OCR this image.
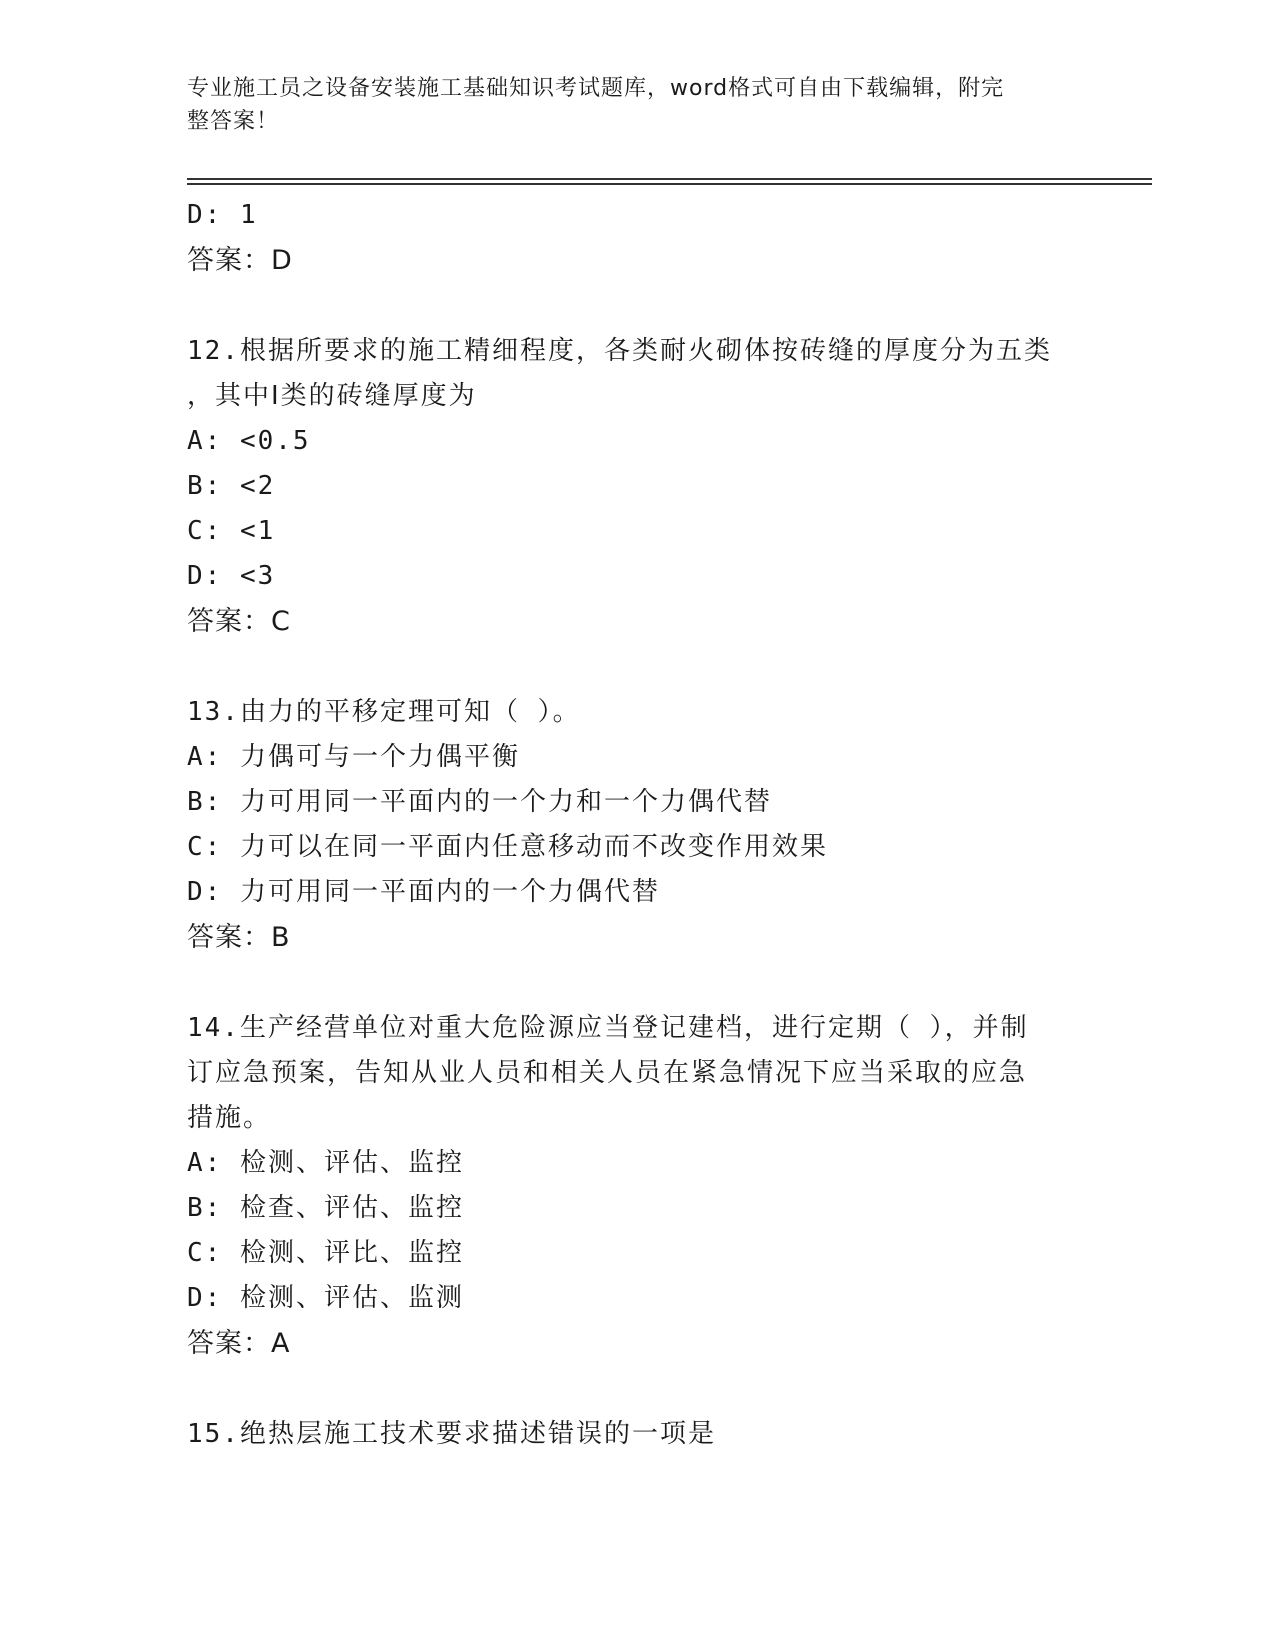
专业施工员之设备安装施工基础知识考试题库，word格式可自由下载编辑，附完
整答案！
D: 1
答案：D
12.根据所要求的施工精细程度，各类耐火砌体按砖缝的厚度分为五类
，其中Ⅰ类的砖缝厚度为
A: <0.5
B: <2
C: <1
D: <3
答案：C
13.由力的平移定理可知（ ）。
A: 力偶可与一个力偶平衡
B: 力可用同一平面内的一个力和一个力偶代替
C: 力可以在同一平面内任意移动而不改变作用效果
D: 力可用同一平面内的一个力偶代替
答案：B
14.生产经营单位对重大危险源应当登记建档，进行定期（ ），并制
订应急预案，告知从业人员和相关人员在紧急情况下应当采取的应急
措施。
A: 检测、评估、监控
B: 检查、评估、监控
C: 检测、评比、监控
D: 检测、评估、监测
答案：A
15.绝热层施工技术要求描述错误的一项是
